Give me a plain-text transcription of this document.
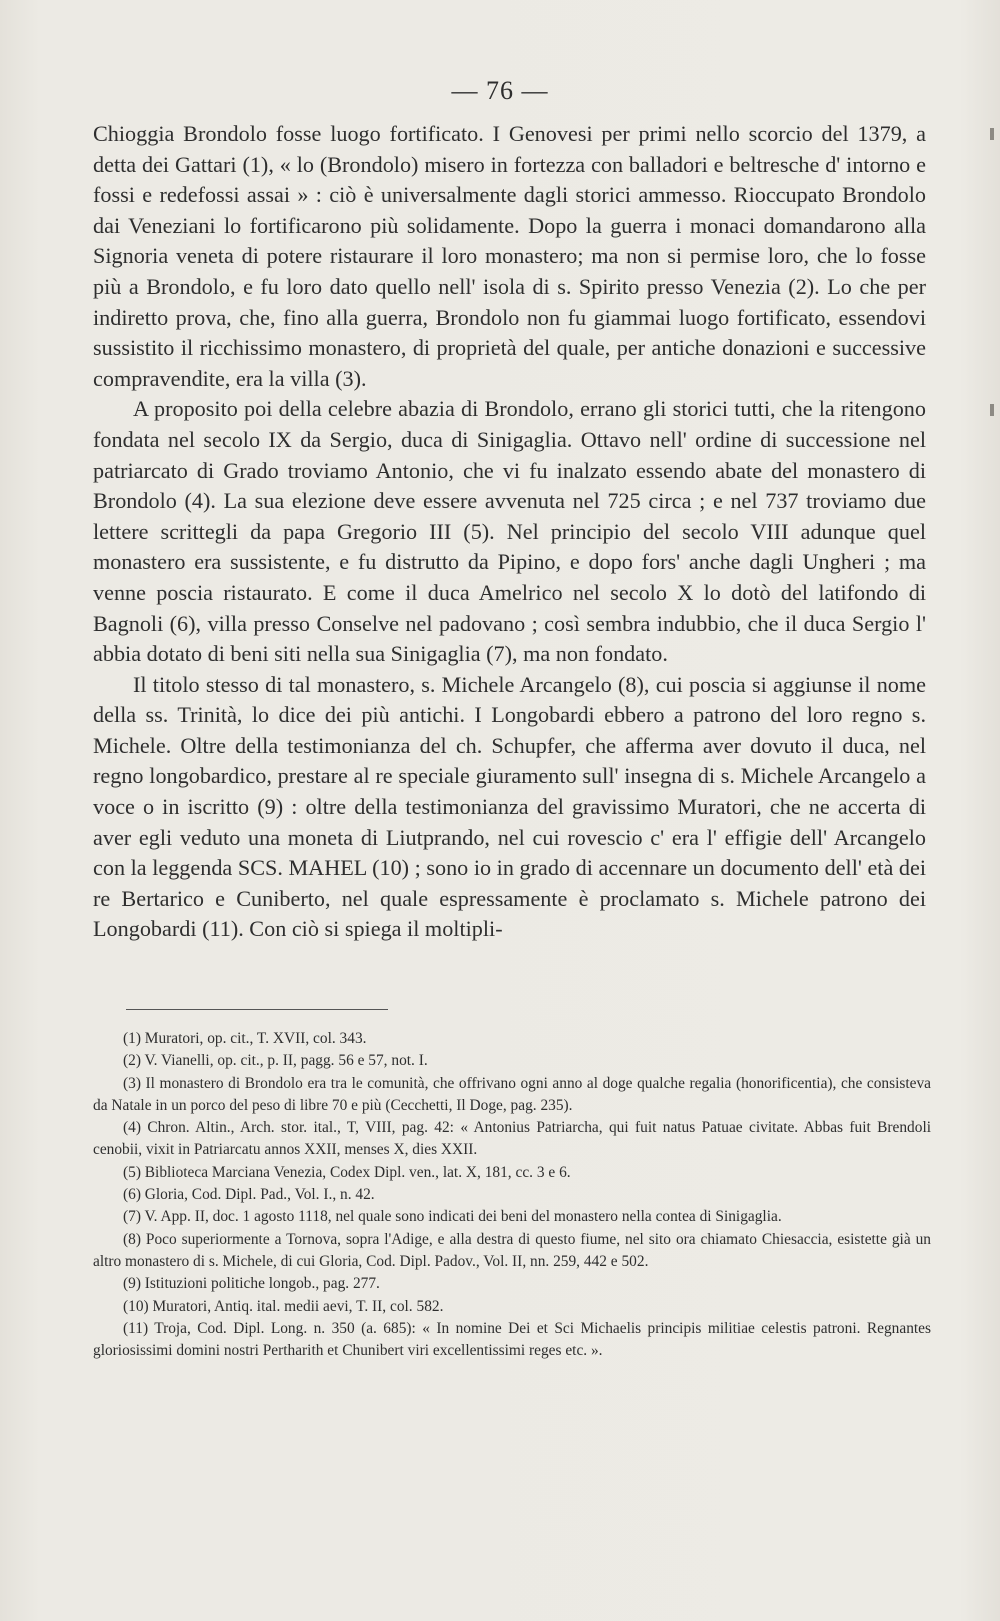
— 76 —

Chioggia Brondolo fosse luogo fortificato. I Genovesi per primi nello scorcio del 1379, a detta dei Gattari (1), « lo (Brondolo) misero in fortezza con balladori e beltresche d' intorno e fossi e redefossi assai » : ciò è universalmente dagli storici ammesso. Rioccupato Brondolo dai Veneziani lo fortificarono più solidamente. Dopo la guerra i monaci domandarono alla Signoria veneta di potere ristaurare il loro monastero; ma non si permise loro, che lo fosse più a Brondolo, e fu loro dato quello nell' isola di s. Spirito presso Venezia (2). Lo che per indiretto prova, che, fino alla guerra, Brondolo non fu giammai luogo fortificato, essendovi sussistito il ricchissimo monastero, di proprietà del quale, per antiche donazioni e successive compravendite, era la villa (3).

A proposito poi della celebre abazia di Brondolo, errano gli storici tutti, che la ritengono fondata nel secolo IX da Sergio, duca di Sinigaglia. Ottavo nell' ordine di successione nel patriarcato di Grado troviamo Antonio, che vi fu inalzato essendo abate del monastero di Brondolo (4). La sua elezione deve essere avvenuta nel 725 circa ; e nel 737 troviamo due lettere scrittegli da papa Gregorio III (5). Nel principio del secolo VIII adunque quel monastero era sussistente, e fu distrutto da Pipino, e dopo fors' anche dagli Ungheri ; ma venne poscia ristaurato. E come il duca Amelrico nel secolo X lo dotò del latifondo di Bagnoli (6), villa presso Conselve nel padovano ; così sembra indubbio, che il duca Sergio l' abbia dotato di beni siti nella sua Sinigaglia (7), ma non fondato.

Il titolo stesso di tal monastero, s. Michele Arcangelo (8), cui poscia si aggiunse il nome della ss. Trinità, lo dice dei più antichi. I Longobardi ebbero a patrono del loro regno s. Michele. Oltre della testimonianza del ch. Schupfer, che afferma aver dovuto il duca, nel regno longobardico, prestare al re speciale giuramento sull' insegna di s. Michele Arcangelo a voce o in iscritto (9) : oltre della testimonianza del gravissimo Muratori, che ne accerta di aver egli veduto una moneta di Liutprando, nel cui rovescio c' era l' effigie dell' Arcangelo con la leggenda SCS. MAHEL (10) ; sono io in grado di accennare un documento dell' età dei re Bertarico e Cuniberto, nel quale espressamente è proclamato s. Michele patrono dei Longobardi (11). Con ciò si spiega il moltipli-

(1) Muratori, op. cit., T. XVII, col. 343.

(2) V. Vianelli, op. cit., p. II, pagg. 56 e 57, not. I.

(3) Il monastero di Brondolo era tra le comunità, che offrivano ogni anno al doge qualche regalia (honorificentia), che consisteva da Natale in un porco del peso di libre 70 e più (Cecchetti, Il Doge, pag. 235).

(4) Chron. Altin., Arch. stor. ital., T, VIII, pag. 42: « Antonius Patriarcha, qui fuit natus Patuae civitate. Abbas fuit Brendoli cenobii, vixit in Patriarcatu annos XXII, menses X, dies XXII.

(5) Biblioteca Marciana Venezia, Codex Dipl. ven., lat. X, 181, cc. 3 e 6.

(6) Gloria, Cod. Dipl. Pad., Vol. I., n. 42.

(7) V. App. II, doc. 1 agosto 1118, nel quale sono indicati dei beni del monastero nella contea di Sinigaglia.

(8) Poco superiormente a Tornova, sopra l'Adige, e alla destra di questo fiume, nel sito ora chiamato Chiesaccia, esistette già un altro monastero di s. Michele, di cui Gloria, Cod. Dipl. Padov., Vol. II, nn. 259, 442 e 502.

(9) Istituzioni politiche longob., pag. 277.

(10) Muratori, Antiq. ital. medii aevi, T. II, col. 582.

(11) Troja, Cod. Dipl. Long. n. 350 (a. 685): « In nomine Dei et Sci Michaelis principis militiae celestis patroni. Regnantes gloriosissimi domini nostri Pertharith et Chunibert viri excellentissimi reges etc. ».
